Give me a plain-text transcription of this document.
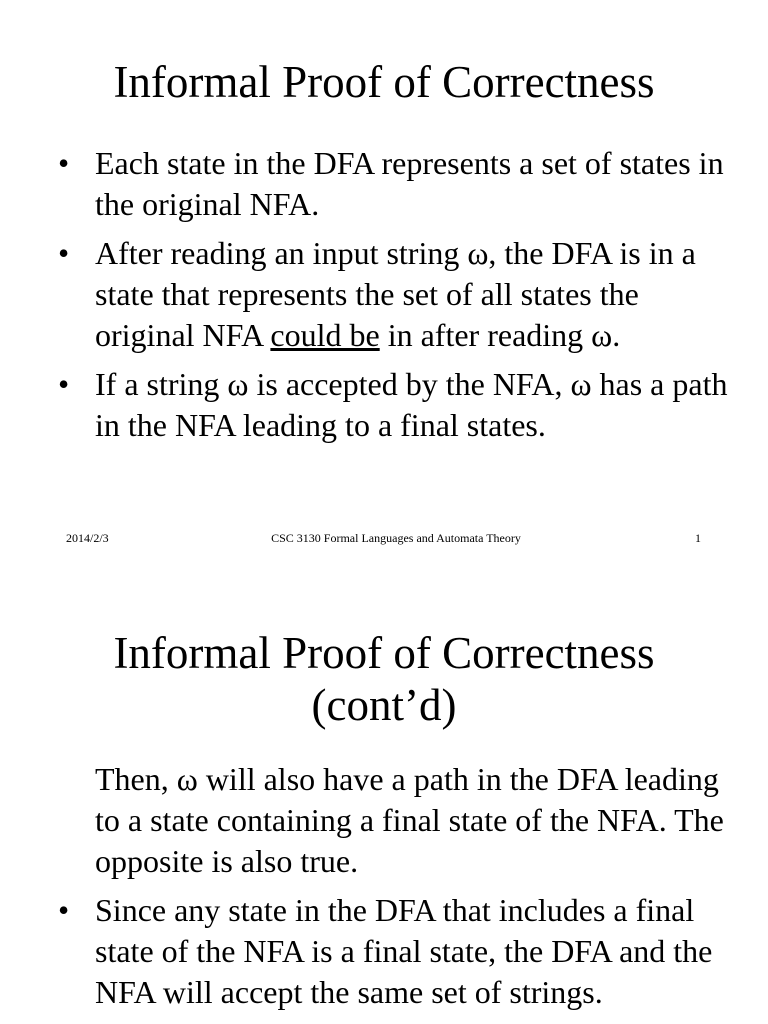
Informal Proof of Correctness
• Each state in the DFA represents a set of states in the original NFA.
• After reading an input string ω, the DFA is in a state that represents the set of all states the original NFA could be in after reading ω.
• If a string ω is accepted by the NFA, ω has a path in the NFA leading to a final states.
2014/2/3	CSC 3130 Formal Languages and Automata Theory	1
Informal Proof of Correctness
(cont’d)
Then, ω will also have a path in the DFA leading to a state containing a final state of the NFA. The opposite is also true.
• Since any state in the DFA that includes a final state of the NFA is a final state, the DFA and the NFA will accept the same set of strings.
